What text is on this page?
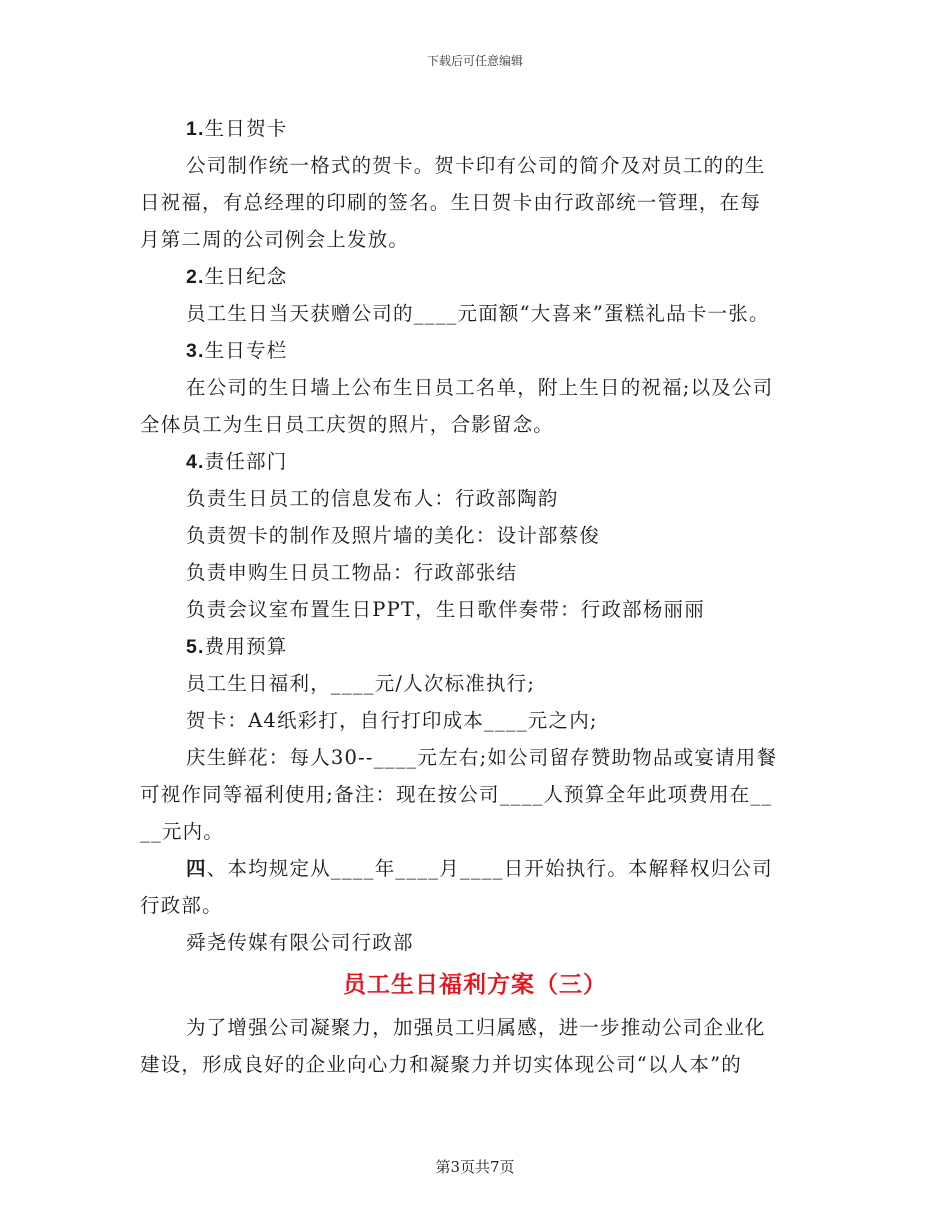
下载后可任意编辑
1.生日贺卡
公司制作统一格式的贺卡。贺卡印有公司的简介及对员工的的生
日祝福，有总经理的印刷的签名。生日贺卡由行政部统一管理，在每
月第二周的公司例会上发放。
2.生日纪念
员工生日当天获赠公司的____元面额“大喜来”蛋糕礼品卡一张。
3.生日专栏
在公司的生日墙上公布生日员工名单，附上生日的祝福;以及公司
全体员工为生日员工庆贺的照片，合影留念。
4.责任部门
负责生日员工的信息发布人：行政部陶韵
负责贺卡的制作及照片墙的美化：设计部蔡俊
负责申购生日员工物品：行政部张结
负责会议室布置生日PPT，生日歌伴奏带：行政部杨丽丽
5.费用预算
员工生日福利，____元/人次标准执行;
贺卡：A4纸彩打，自行打印成本____元之内;
庆生鲜花：每人30--____元左右;如公司留存赞助物品或宴请用餐
可视作同等福利使用;备注：现在按公司____人预算全年此项费用在__
__元内。
四、本均规定从____年____月____日开始执行。本解释权归公司
行政部。
舜尧传媒有限公司行政部
员工生日福利方案（三）
为了增强公司凝聚力，加强员工归属感，进一步推动公司企业化
建设，形成良好的企业向心力和凝聚力并切实体现公司“以人本”的
第3页共7页
